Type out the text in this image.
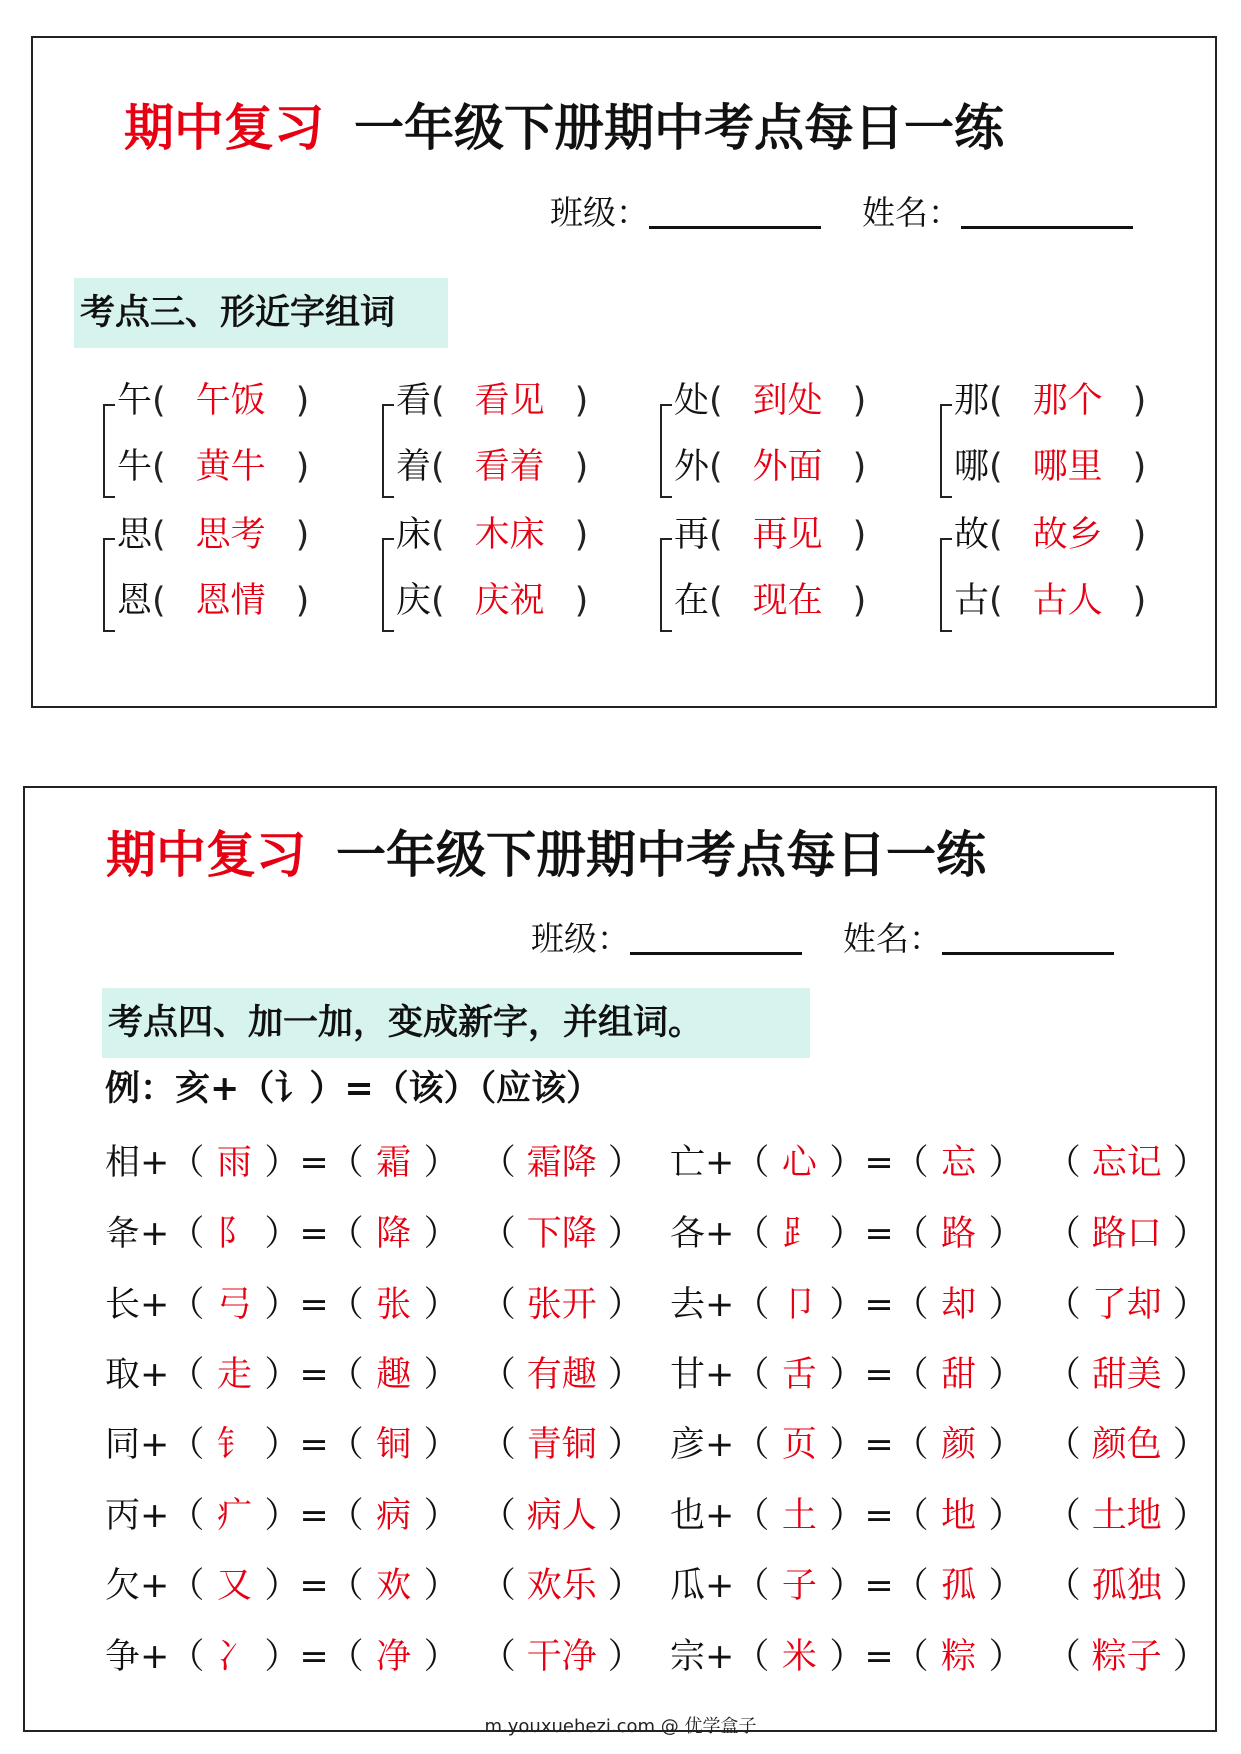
期中复习 一年级下册期中考点每日一练
班级：	姓名：
考点三、形近字组词
午( 午饭 )
牛( 黄牛 )
看( 看见 )
着( 看着 )
处( 到处 )
外( 外面 )
那( 那个 )
哪( 哪里 )
思( 思考 )
恩( 恩情 )
床( 木床 )
庆( 庆祝 )
再( 再见 )
在( 现在 )
故( 故乡 )
古( 古人 )
期中复习 一年级下册期中考点每日一练
班级：	姓名：
考点四、加一加，变成新字，并组词。
例：亥+（讠）=（该）（应该）
相+（ 雨 ）=（ 霜 ） （ 霜降 ）
夅+（ 阝 ）=（ 降 ） （ 下降 ）
长+（ 弓 ）=（ 张 ） （ 张开 ）
取+（ 走 ）=（ 趣 ） （ 有趣 ）
同+（ 钅 ）=（ 铜 ） （ 青铜 ）
丙+（ 疒 ）=（ 病 ） （ 病人 ）
欠+（ 又 ）=（ 欢 ） （ 欢乐 ）
争+（ 冫 ）=（ 净 ） （ 干净 ）
亡+（ 心 ）=（ 忘 ） （ 忘记 ）
各+（ ⻊ ）=（ 路 ） （ 路口 ）
去+（ 卩 ）=（ 却 ） （ 了却 ）
甘+（ 舌 ）=（ 甜 ） （ 甜美 ）
彦+（ 页 ）=（ 颜 ） （ 颜色 ）
也+（ 土 ）=（ 地 ） （ 土地 ）
瓜+（ 子 ）=（ 孤 ） （ 孤独 ）
宗+（ 米 ）=（ 粽 ） （ 粽子 ）
m.youxuehezi.com @ 优学盒子
